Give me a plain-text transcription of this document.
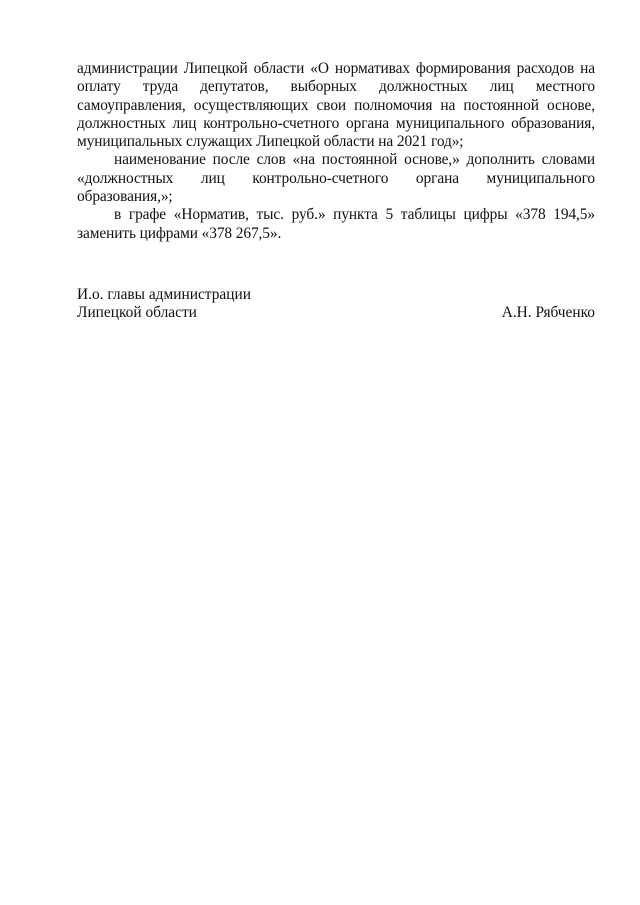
администрации Липецкой области «О нормативах формирования расходов на оплату труда депутатов, выборных должностных лиц местного самоуправления, осуществляющих свои полномочия на постоянной основе, должностных лиц контрольно-счетного органа муниципального образования, муниципальных служащих Липецкой области на 2021 год»;

наименование после слов «на постоянной основе,» дополнить словами «должностных лиц контрольно-счетного органа муниципального образования,»;

в графе «Норматив, тыс. руб.» пункта 5 таблицы цифры «378 194,5» заменить цифрами «378 267,5».

И.о. главы администрации
Липецкой области	А.Н. Рябченко
